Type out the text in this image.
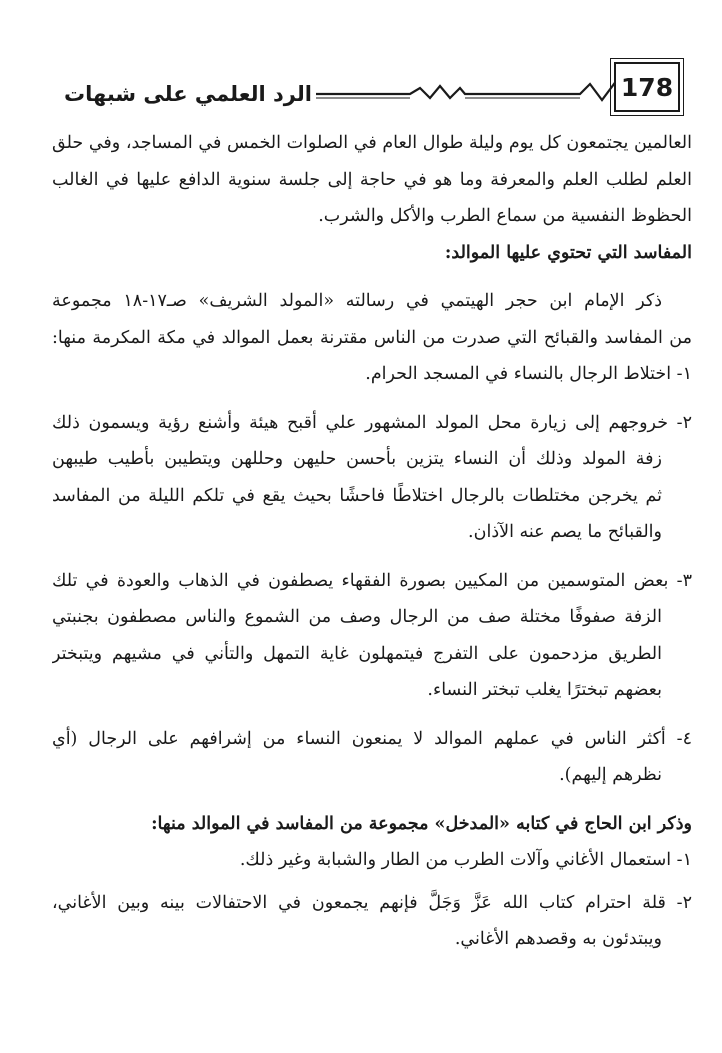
الرد العلمي على شبهات	178
العالمين يجتمعون كل يوم وليلة طوال العام في الصلوات الخمس في المساجد، وفي حلق
العلم لطلب العلم والمعرفة وما هو في حاجة إلى جلسة سنوية الدافع عليها في الغالب
الحظوظ النفسية من سماع الطرب والأكل والشرب.
المفاسد التي تحتوي عليها الموالد:
ذكر الإمام ابن حجر الهيتمي في رسالته «المولد الشريف» صـ١٧-١٨ مجموعة
من المفاسد والقبائح التي صدرت من الناس مقترنة بعمل الموالد في مكة المكرمة منها:
١- اختلاط الرجال بالنساء في المسجد الحرام.
٢- خروجهم إلى زيارة محل المولد المشهور علي أقبح هيئة وأشنع رؤية ويسمون ذلك
زفة المولد وذلك أن النساء يتزين بأحسن حليهن وحللهن ويتطيبن بأطيب طيبهن
ثم يخرجن مختلطات بالرجال اختلاطًا فاحشًا بحيث يقع في تلكم الليلة من المفاسد
والقبائح ما يصم عنه الآذان.
٣- بعض المتوسمين من المكيين بصورة الفقهاء يصطفون في الذهاب والعودة في تلك
الزفة صفوفًا مختلة صف من الرجال وصف من الشموع والناس مصطفون بجنبتي
الطريق مزدحمون على التفرج فيتمهلون غاية التمهل والتأني في مشيهم ويتبختر
بعضهم تبخترًا يغلب تبختر النساء.
٤- أكثر الناس في عملهم الموالد لا يمنعون النساء من إشرافهم على الرجال (أي
نظرهم إليهم).
وذكر ابن الحاج في كتابه «المدخل» مجموعة من المفاسد في الموالد منها:
١- استعمال الأغاني وآلات الطرب من الطار والشبابة وغير ذلك.
٢- قلة احترام كتاب الله عَزَّ وَجَلَّ فإنهم يجمعون في الاحتفالات بينه وبين الأغاني،
ويبتدئون به وقصدهم الأغاني.
